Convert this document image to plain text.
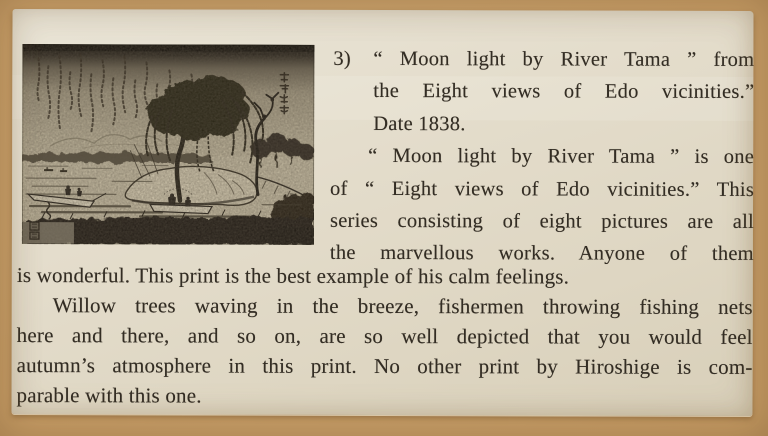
3)	“ Moon light by River Tama ” from
the Eight views of Edo vicinities.”
Date 1838.
“ Moon light by River Tama ” is one
of “ Eight views of Edo vicinities.” This
series consisting of eight pictures are all
the marvellous works. Anyone of them
is wonderful. This print is the best example of his calm feelings.
Willow trees waving in the breeze, fishermen throwing fishing nets
here and there, and so on, are so well depicted that you would feel
autumn’s atmosphere in this print. No other print by Hiroshige is com-
parable with this one.
